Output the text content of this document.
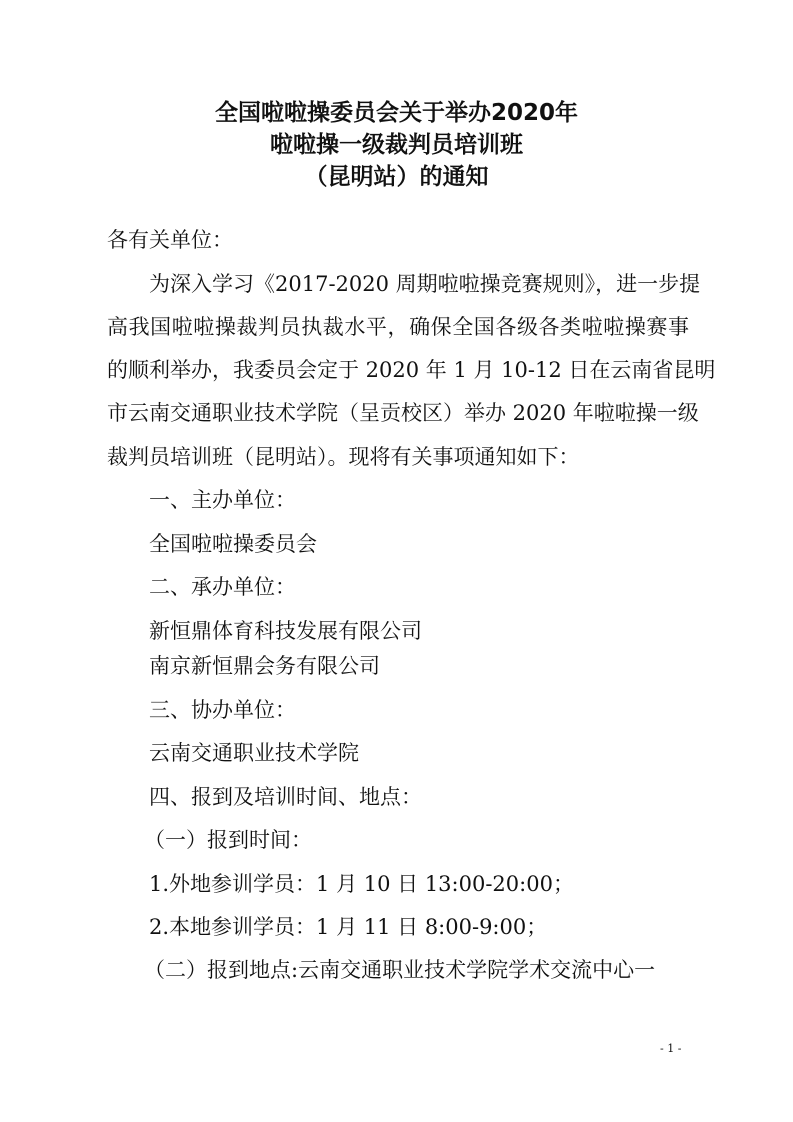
全国啦啦操委员会关于举办2020年
啦啦操一级裁判员培训班
（昆明站）的通知
各有关单位：
为深入学习《2017-2020 周期啦啦操竞赛规则》，进一步提
高我国啦啦操裁判员执裁水平，确保全国各级各类啦啦操赛事
的顺利举办，我委员会定于 2020 年 1 月 10-12 日在云南省昆明
市云南交通职业技术学院（呈贡校区）举办 2020 年啦啦操一级
裁判员培训班（昆明站）。现将有关事项通知如下：
一、主办单位：
全国啦啦操委员会
二、承办单位：
新恒鼎体育科技发展有限公司
南京新恒鼎会务有限公司
三、协办单位：
云南交通职业技术学院
四、报到及培训时间、地点：
（一）报到时间：
1.外地参训学员：1 月 10 日 13:00-20:00；
2.本地参训学员：1 月 11 日 8:00-9:00；
（二）报到地点:云南交通职业技术学院学术交流中心一
- 1 -
